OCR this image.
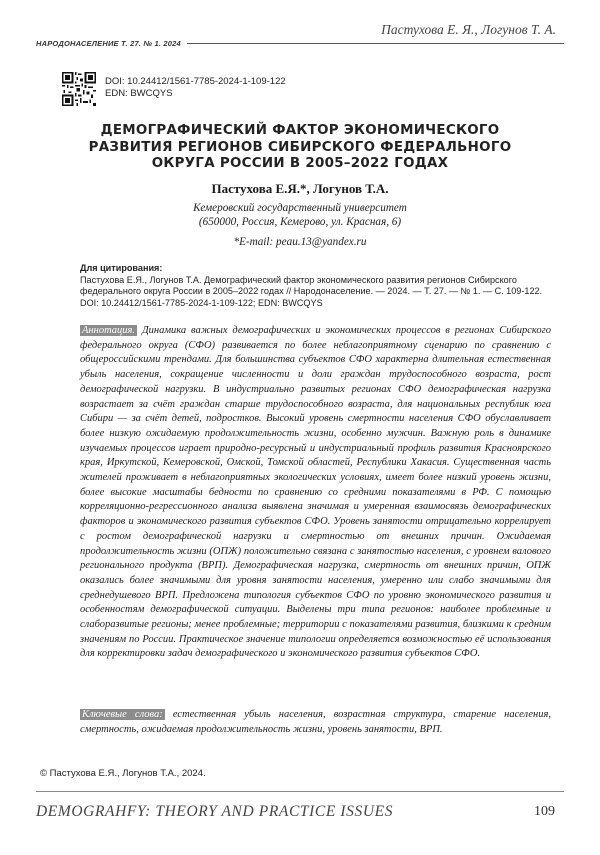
Пастухова Е. Я., Логунов Т. А.
НАРОДОНАСЕЛЕНИЕ Т. 27. № 1. 2024
DOI: 10.24412/1561-7785-2024-1-109-122
EDN: BWCQYS
ДЕМОГРАФИЧЕСКИЙ ФАКТОР ЭКОНОМИЧЕСКОГО РАЗВИТИЯ РЕГИОНОВ СИБИРСКОГО ФЕДЕРАЛЬНОГО ОКРУГА РОССИИ В 2005–2022 ГОДАХ
Пастухова Е.Я.*, Логунов Т.А.
Кемеровский государственный университет
(650000, Россия, Кемерово, ул. Красная, 6)
*E-mail: peau.13@yandex.ru
Для цитирования:
Пастухова Е.Я., Логунов Т.А. Демографический фактор экономического развития регионов Сибирского федерального округа России в 2005–2022 годах // Народонаселение. — 2024. — Т. 27. — № 1. — С. 109-122. DOI: 10.24412/1561-7785-2024-1-109-122; EDN: BWCQYS

Аннотация. Динамика важных демографических и экономических процессов в регионах Сибирского федерального округа (СФО) развивается по более неблагоприятному сценарию по сравнению с общероссийскими трендами. Для большинства субъектов СФО характерна длительная естественная убыль населения, сокращение численности и доли граждан трудоспособного возраста, рост демографической нагрузки. В индустриально развитых регионах СФО демографическая нагрузка возрастает за счёт граждан старше трудоспособного возраста, для национальных республик юга Сибири — за счёт детей, подростков. Высокий уровень смертности населения СФО обуславливает более низкую ожидаемую продолжительность жизни, особенно мужчин. Важную роль в динамике изучаемых процессов играет природно-ресурсный и индустриальный профиль развития Красноярского края, Иркутской, Кемеровской, Омской, Томской областей, Республики Хакасия. Существенная часть жителей проживает в неблагоприятных экологических условиях, имеет более низкий уровень жизни, более высокие масштабы бедности по сравнению со средними показателями в РФ. С помощью корреляционно-регрессионного анализа выявлена значимая и умеренная взаимосвязь демографических факторов и экономического развития субъектов СФО. Уровень занятости отрицательно коррелирует с ростом демографической нагрузки и смертностью от внешних причин. Ожидаемая продолжительность жизни (ОПЖ) положительно связана с занятостью населения, с уровнем валового регионального продукта (ВРП). Демографическая нагрузка, смертность от внешних причин, ОПЖ оказались более значимыми для уровня занятости населения, умеренно или слабо значимыми для среднедушевого ВРП. Предложена типология субъектов СФО по уровню экономического развития и особенностям демографической ситуации. Выделены три типа регионов: наиболее проблемные и слаборазвитые регионы; менее проблемные; территории с показателями развития, близкими к средним значениям по России. Практическое значение типологии определяется возможностью её использования для корректировки задач демографического и экономического развития субъектов СФО.

Ключевые слова: естественная убыль населения, возрастная структура, старение населения, смертность, ожидаемая продолжительность жизни, уровень занятости, ВРП.

© Пастухова Е.Я., Логунов Т.А., 2024.
DEMOGRAHFY: THEORY AND PRACTICE ISSUES	109
